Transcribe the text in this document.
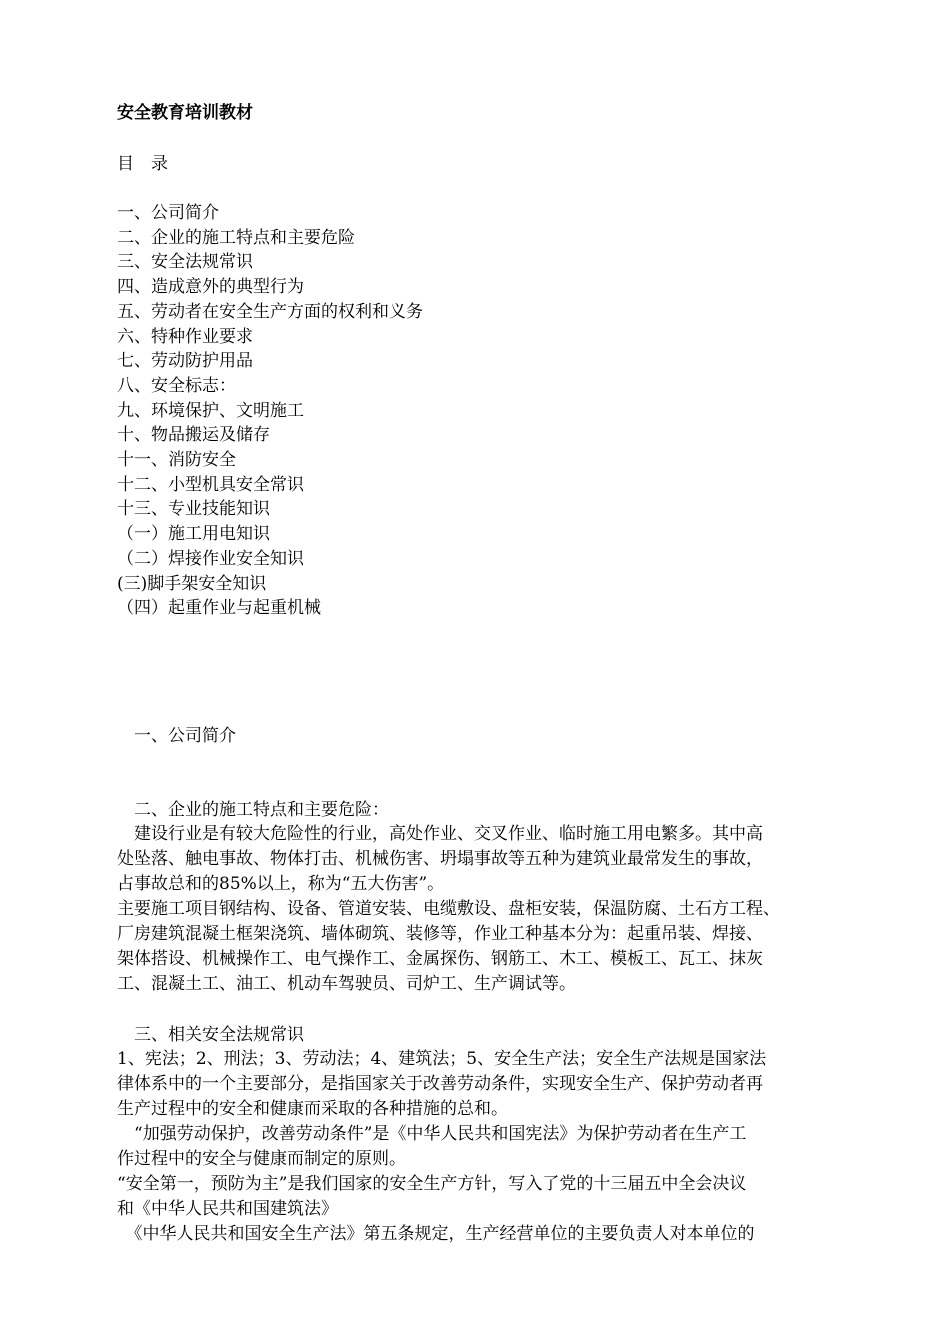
安全教育培训教材
目　录
一、公司简介
二、企业的施工特点和主要危险
三、安全法规常识
四、造成意外的典型行为
五、劳动者在安全生产方面的权利和义务
六、特种作业要求
七、劳动防护用品
八、安全标志：
九、环境保护、文明施工
十、物品搬运及储存
十一、消防安全
十二、小型机具安全常识
十三、专业技能知识
（一）施工用电知识
（二）焊接作业安全知识
(三)脚手架安全知识
（四）起重作业与起重机械
　一、公司简介
　二、企业的施工特点和主要危险：
　建设行业是有较大危险性的行业，高处作业、交叉作业、临时施工用电繁多。其中高
处坠落、触电事故、物体打击、机械伤害、坍塌事故等五种为建筑业最常发生的事故，
占事故总和的85%以上，称为“五大伤害”。
主要施工项目钢结构、设备、管道安装、电缆敷设、盘柜安装，保温防腐、土石方工程、
厂房建筑混凝土框架浇筑、墙体砌筑、装修等，作业工种基本分为：起重吊装、焊接、
架体搭设、机械操作工、电气操作工、金属探伤、钢筋工、木工、模板工、瓦工、抹灰
工、混凝土工、油工、机动车驾驶员、司炉工、生产调试等。
　三、相关安全法规常识
1、宪法；2、刑法；3、劳动法；4、建筑法；5、安全生产法；安全生产法规是国家法
律体系中的一个主要部分，是指国家关于改善劳动条件，实现安全生产、保护劳动者再
生产过程中的安全和健康而采取的各种措施的总和。
　“加强劳动保护，改善劳动条件”是《中华人民共和国宪法》为保护劳动者在生产工
作过程中的安全与健康而制定的原则。
“安全第一，预防为主”是我们国家的安全生产方针，写入了党的十三届五中全会决议
和《中华人民共和国建筑法》
　《中华人民共和国安全生产法》第五条规定，生产经营单位的主要负责人对本单位的
